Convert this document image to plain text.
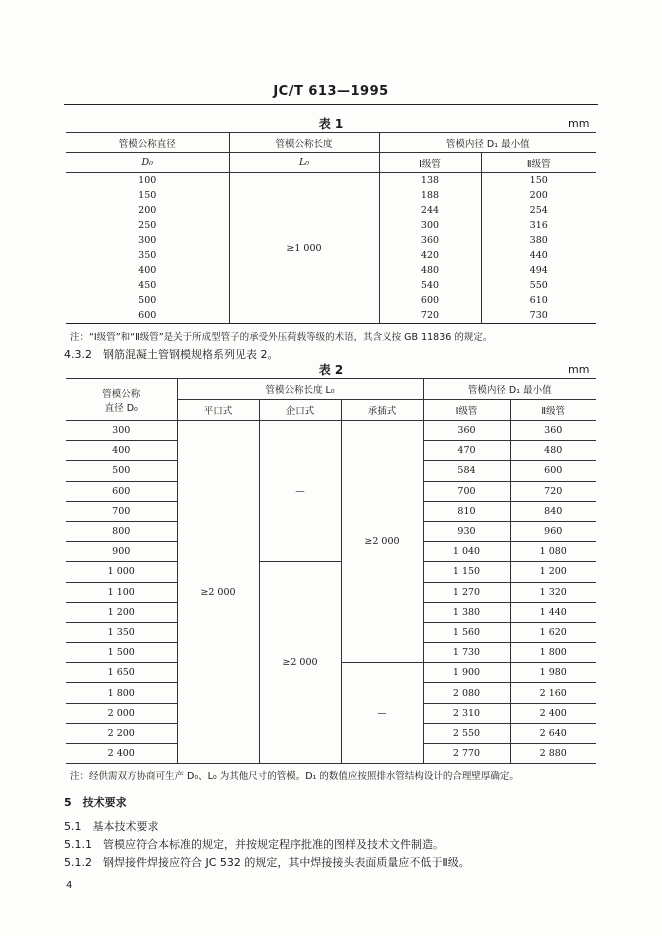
JC/T 613—1995
表 1	mm
管模公称直径	管模公称长度	管模内径 D₁ 最小值	
D₀	L₀	Ⅰ级管	Ⅱ级管
100	≥1 000	138	150
150		188	200
200		244	254
250		300	316
300		360	380
350		420	440
400		480	494
450		540	550
500		600	610
600		720	730
注：“Ⅰ级管”和“Ⅱ级管”是关于所成型管子的承受外压荷载等级的术语，其含义按 GB 11836 的规定。
4.3.2　钢筋混凝土管钢模规格系列见表 2。
表 2	mm
管模公称
直径 D₀	管模公称长度 L₀			管模内径 D₁ 最小值	
	平口式	企口式	承插式	Ⅰ级管	Ⅱ级管
300	≥2 000	—	≥2 000	360	360
400				470	480
500				584	600
600				700	720
700				810	840
800				930	960
900				1 040	1 080
1 000		≥2 000		1 150	1 200
1 100				1 270	1 320
1 200				1 380	1 440
1 350				1 560	1 620
1 500				1 730	1 800
1 650			—	1 900	1 980
1 800				2 080	2 160
2 000				2 310	2 400
2 200				2 550	2 640
2 400				2 770	2 880
注：经供需双方协商可生产 D₀、L₀ 为其他尺寸的管模。D₁ 的数值应按照排水管结构设计的合理壁厚确定。
5　技术要求
5.1　基本技术要求
5.1.1　管模应符合本标准的规定，并按规定程序批准的图样及技术文件制造。
5.1.2　钢焊接件焊接应符合 JC 532 的规定，其中焊接接头表面质量应不低于Ⅱ级。
4
